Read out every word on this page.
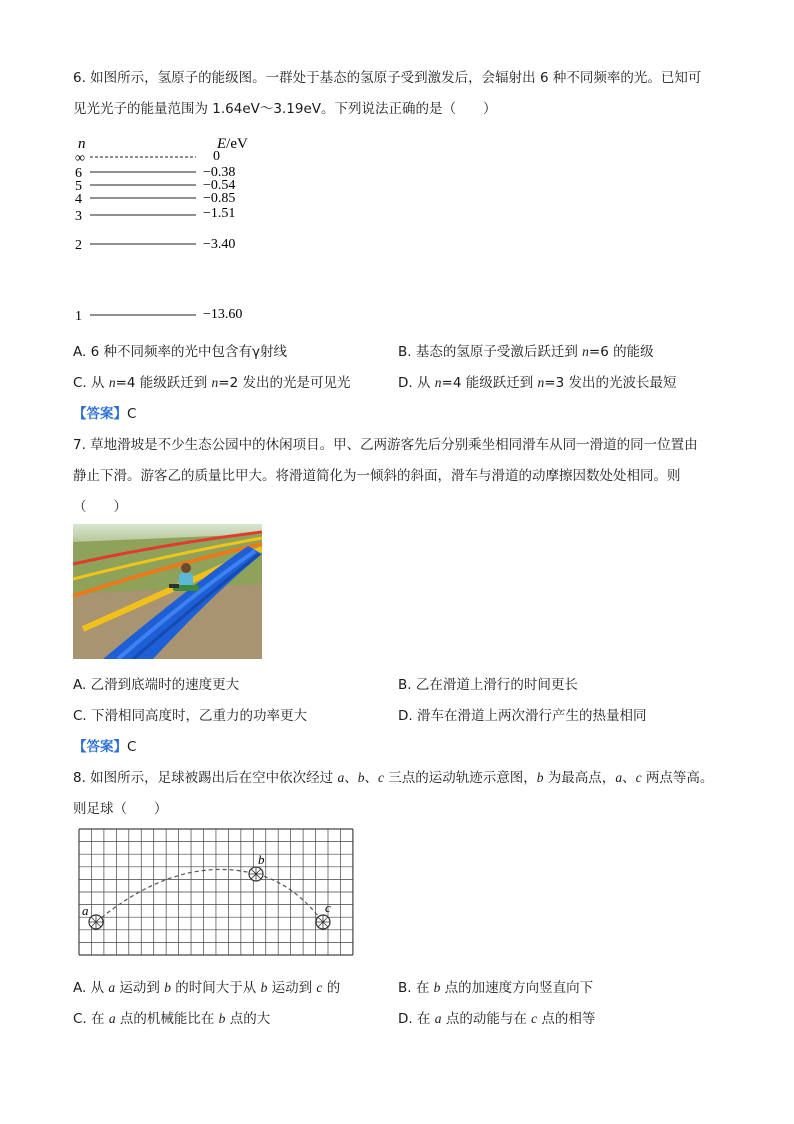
6. 如图所示，氢原子的能级图。一群处于基态的氢原子受到激发后，会辐射出 6 种不同频率的光。已知可
见光光子的能量范围为 1.64eV～3.19eV。下列说法正确的是（　　）
n	E/eV
∞
6
5
4
3
2
1
0
−0.38
−0.54
−0.85
−1.51
−3.40
−13.60
A. 6 种不同频率的光中包含有γ射线	B. 基态的氢原子受激后跃迁到 n=6 的能级
C. 从 n=4 能级跃迁到 n=2 发出的光是可见光	D. 从 n=4 能级跃迁到 n=3 发出的光波长最短
【答案】C
7. 草地滑坡是不少生态公园中的休闲项目。甲、乙两游客先后分别乘坐相同滑车从同一滑道的同一位置由
静止下滑。游客乙的质量比甲大。将滑道简化为一倾斜的斜面，滑车与滑道的动摩擦因数处处相同。则
（　　）
A. 乙滑到底端时的速度更大	B. 乙在滑道上滑行的时间更长
C. 下滑相同高度时，乙重力的功率更大	D. 滑车在滑道上两次滑行产生的热量相同
【答案】C
8. 如图所示，足球被踢出后在空中依次经过 a、b、c 三点的运动轨迹示意图，b 为最高点，a、c 两点等高。
则足球（　　）
a
b
c
A. 从 a 运动到 b 的时间大于从 b 运动到 c 的	B. 在 b 点的加速度方向竖直向下
C. 在 a 点的机械能比在 b 点的大	D. 在 a 点的动能与在 c 点的相等
